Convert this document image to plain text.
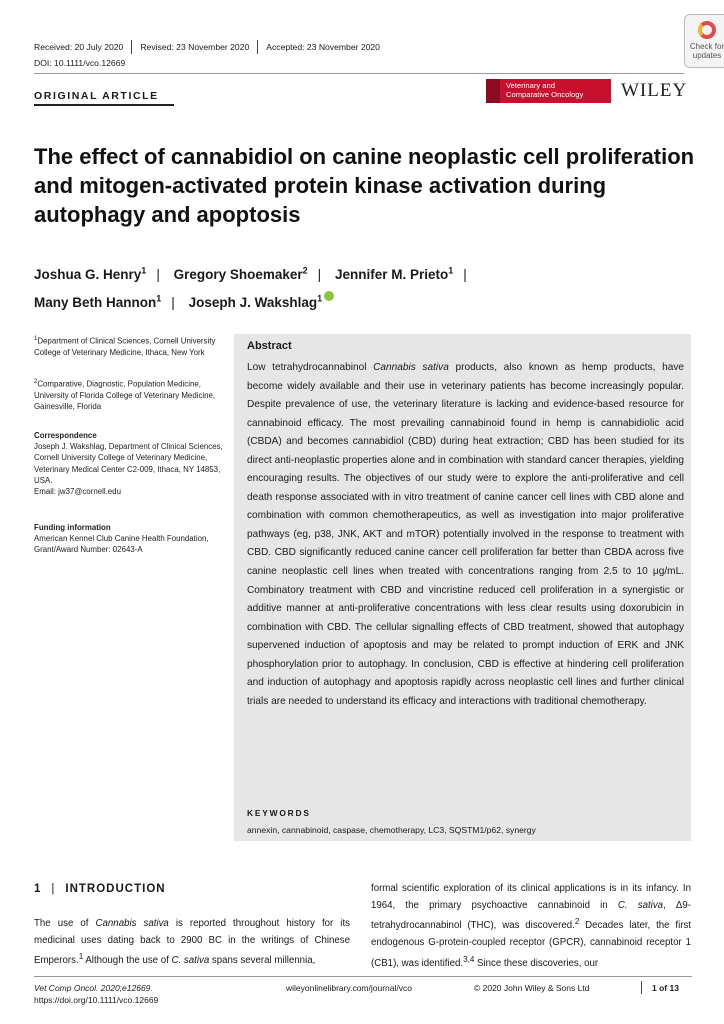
Received: 20 July 2020 Revised: 23 November 2020 Accepted: 23 November 2020
DOI: 10.1111/vco.12669
Check for updates
ORIGINAL ARTICLE
Veterinary and
Comparative Oncology	WILEY
The effect of cannabidiol on canine neoplastic cell proliferation and mitogen-activated protein kinase activation during autophagy and apoptosis
Joshua G. Henry$^1$ | Gregory Shoemaker$^2$ | Jennifer M. Prieto$^1$ |
Many Beth Hannon$^1$ | Joseph J. Wakshlag$^1$
$^1$Department of Clinical Sciences, Cornell University College of Veterinary Medicine, Ithaca, New York
$^2$Comparative, Diagnostic, Population Medicine, University of Florida College of Veterinary Medicine, Gainesville, Florida
Correspondence
Joseph J. Wakshlag, Department of Clinical Sciences, Cornell University College of Veterinary Medicine, Veterinary Medical Center C2-009, Ithaca, NY 14853, USA.
Email: jw37@cornell.edu
Funding information
American Kennel Club Canine Health Foundation, Grant/Award Number: 02643-A
Abstract

Low tetrahydrocannabinol Cannabis sativa products, also known as hemp products, have become widely available and their use in veterinary patients has become increasingly popular. Despite prevalence of use, the veterinary literature is lacking and evidence-based resource for cannabinoid efficacy. The most prevailing cannabinoid found in hemp is cannabidiolic acid (CBDA) and becomes cannabidiol (CBD) during heat extraction; CBD has been studied for its direct anti-neoplastic properties alone and in combination with standard cancer therapies, yielding encouraging results. The objectives of our study were to explore the anti-proliferative and cell death response associated with in vitro treatment of canine cancer cell lines with CBD alone and combination with common chemotherapeutics, as well as investigation into major proliferative pathways (eg, p38, JNK, AKT and mTOR) potentially involved in the response to treatment with CBD. CBD significantly reduced canine cancer cell proliferation far better than CBDA across five canine neoplastic cell lines when treated with concentrations ranging from 2.5 to 10 μg/mL. Combinatory treatment with CBD and vincristine reduced cell proliferation in a synergistic or additive manner at anti-proliferative concentrations with less clear results using doxorubicin in combination with CBD. The cellular signalling effects of CBD treatment, showed that autophagy supervened induction of apoptosis and may be related to prompt induction of ERK and JNK phosphorylation prior to autophagy. In conclusion, CBD is effective at hindering cell proliferation and induction of autophagy and apoptosis rapidly across neoplastic cell lines and further clinical trials are needed to understand its efficacy and interactions with traditional chemotherapy.

KEYWORDS
annexin, cannabinoid, caspase, chemotherapy, LC3, SQSTM1/p62, synergy
1 | INTRODUCTION

The use of Cannabis sativa is reported throughout history for its medicinal uses dating back to 2900 BC in the writings of Chinese Emperors.$^1$ Although the use of C. sativa spans several millennia,

formal scientific exploration of its clinical applications is in its infancy. In 1964, the primary psychoactive cannabinoid in C. sativa, Δ9-tetrahydrocannabinol (THC), was discovered.$^2$ Decades later, the first endogenous G-protein-coupled receptor (GPCR), cannabinoid receptor 1 (CB1), was identified.$^{3,4}$ Since these discoveries, our

Vet Comp Oncol. 2020;e12669.
https://doi.org/10.1111/vco.12669
wileyonlinelibrary.com/journal/vco	© 2020 John Wiley & Sons Ltd	1 of 13
